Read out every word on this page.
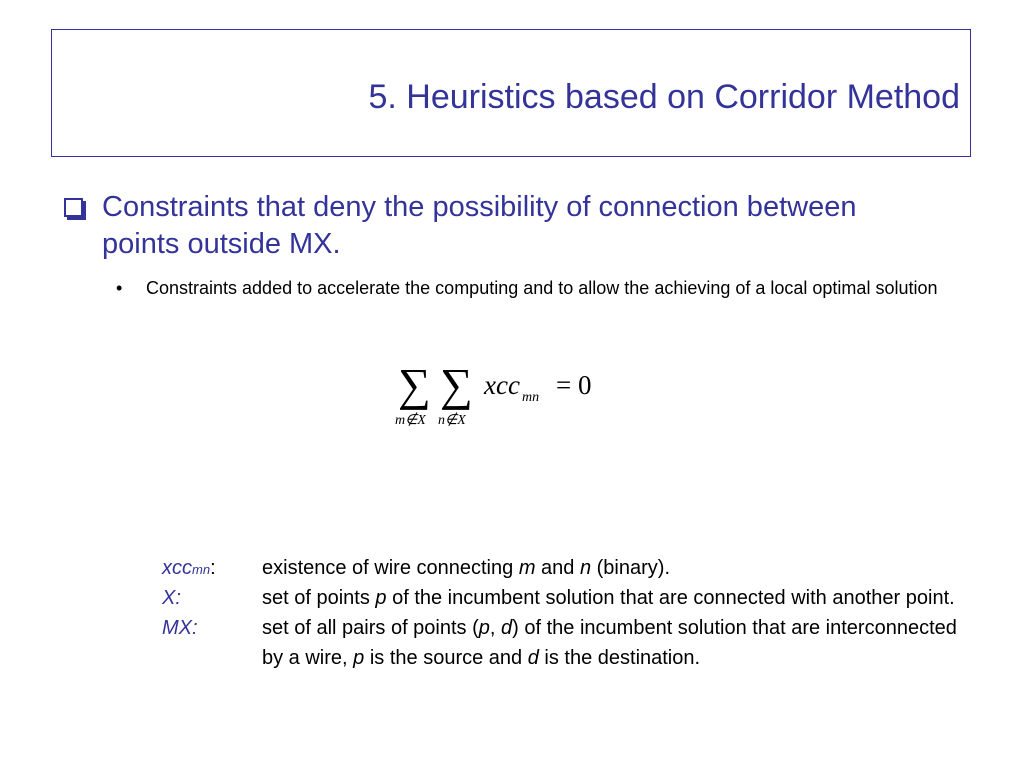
5. Heuristics based on Corridor Method
Constraints that deny the possibility of connection between points outside MX.
•	Constraints added to accelerate the computing and to allow the achieving of a local optimal solution
∑
m∉X
∑
n∉X
xcc mn = 0
xccmn: existence of wire connecting m and n (binary).
X:	set of points p of the incumbent solution that are connected with another point.
MX:	set of all pairs of points (p, d) of the incumbent solution that are interconnected by a wire, p is the source and d is the destination.
